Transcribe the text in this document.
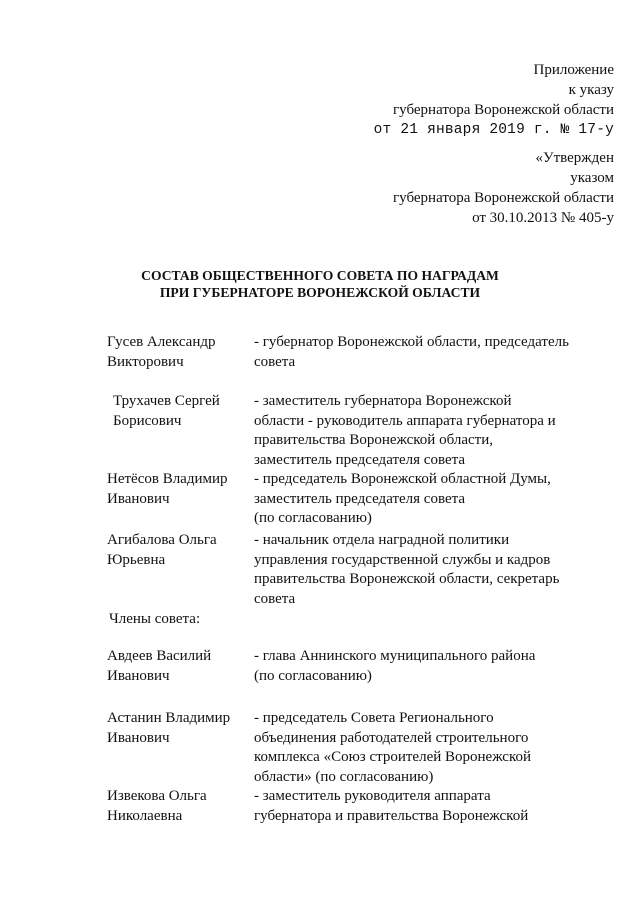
Приложение
к указу
губернатора Воронежской области
от 21 января 2019 г. № 17-у
«Утвержден
указом
губернатора Воронежской области
от 30.10.2013 № 405-у
СОСТАВ ОБЩЕСТВЕННОГО СОВЕТА ПО НАГРАДАМ
ПРИ ГУБЕРНАТОРЕ ВОРОНЕЖСКОЙ ОБЛАСТИ
Гусев Александр
Викторович
- губернатор Воронежской области, председатель
совета
Трухачев Сергей
Борисович
- заместитель губернатора Воронежской
области - руководитель аппарата губернатора и
правительства Воронежской области,
заместитель председателя совета
Нетёсов Владимир
Иванович
- председатель Воронежской областной Думы,
заместитель председателя совета
(по согласованию)
Агибалова Ольга
Юрьевна
- начальник отдела наградной политики
управления государственной службы и кадров
правительства Воронежской области, секретарь
совета
Члены совета:
Авдеев Василий
Иванович
- глава Аннинского муниципального района
(по согласованию)
Астанин Владимир
Иванович
- председатель Совета Регионального
объединения работодателей строительного
комплекса «Союз строителей Воронежской
области» (по согласованию)
Извекова Ольга
Николаевна
- заместитель руководителя аппарата
губернатора и правительства Воронежской
